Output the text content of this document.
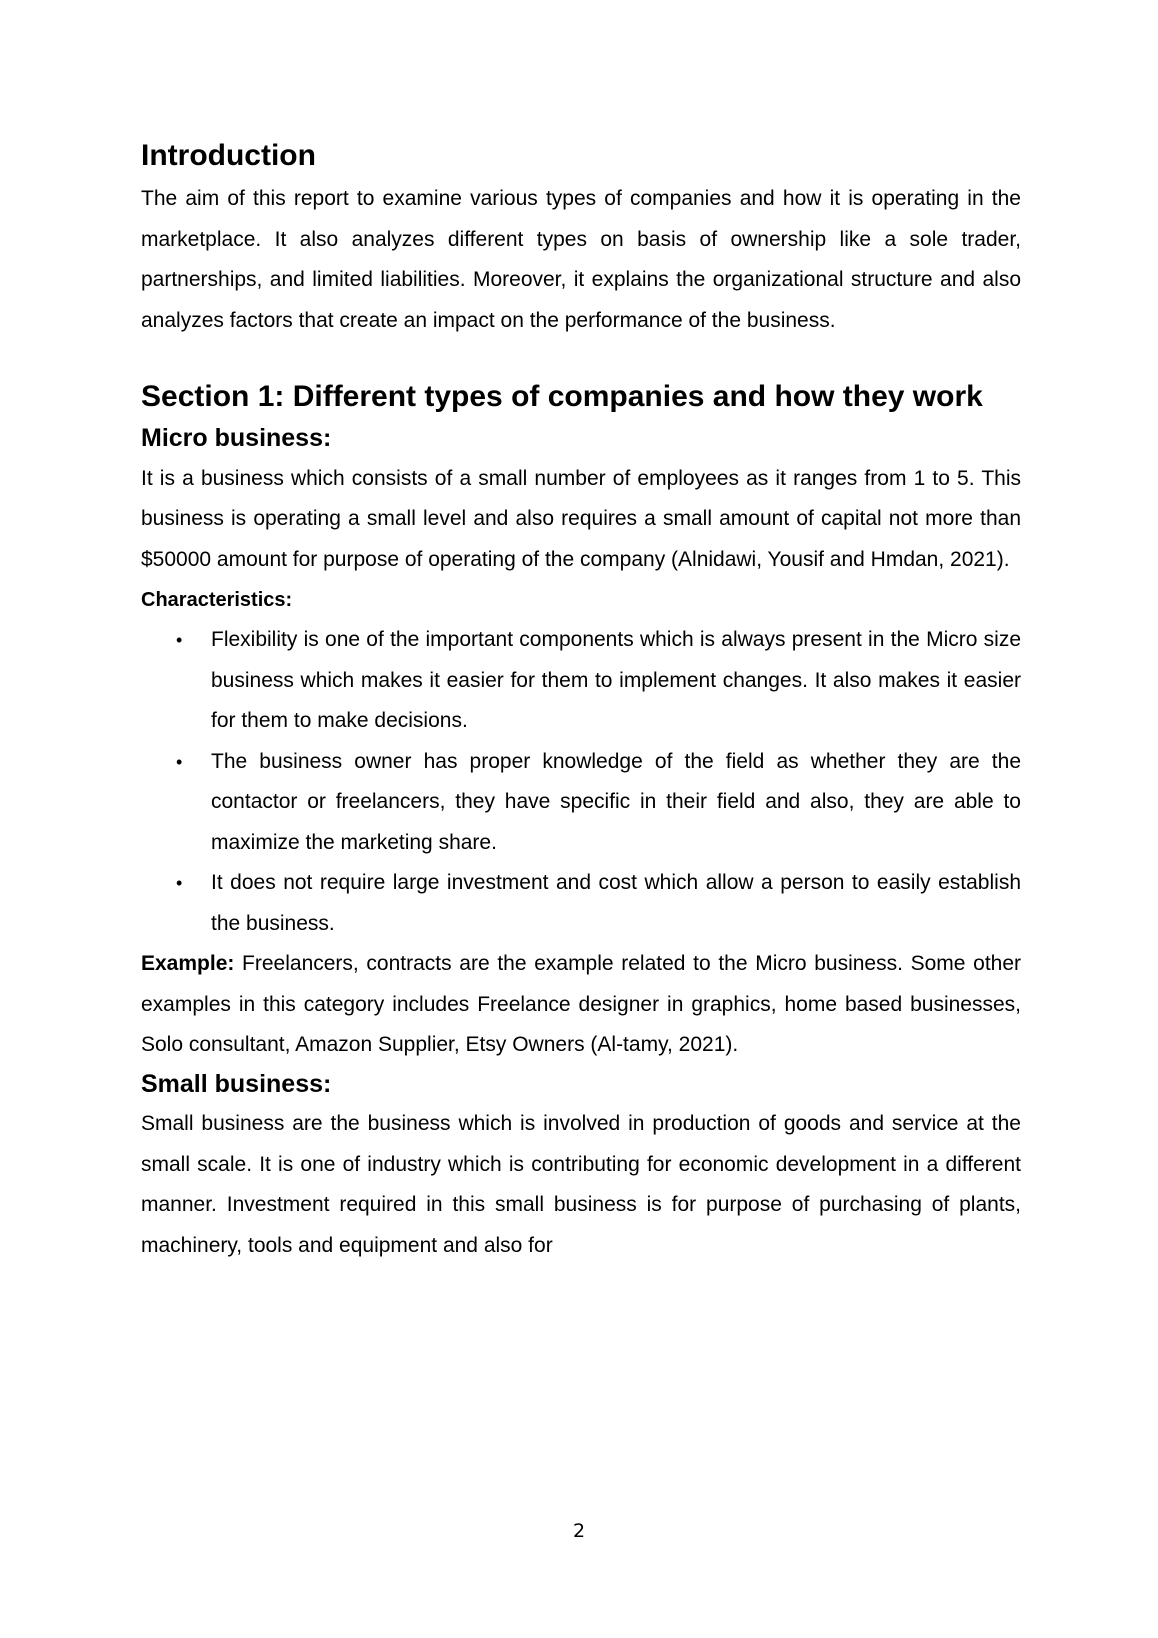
Introduction

The aim of this report to examine various types of companies and how it is operating in the marketplace. It also analyzes different types on basis of ownership like a sole trader, partnerships, and limited liabilities. Moreover, it explains the organizational structure and also analyzes factors that create an impact on the performance of the business.

Section 1: Different types of companies and how they work
Micro business:

It is a business which consists of a small number of employees as it ranges from 1 to 5. This business is operating a small level and also requires a small amount of capital not more than $50000 amount for purpose of operating of the company (Alnidawi, Yousif and Hmdan, 2021).

Characteristics:
• Flexibility is one of the important components which is always present in the Micro size business which makes it easier for them to implement changes. It also makes it easier for them to make decisions.
• The business owner has proper knowledge of the field as whether they are the contactor or freelancers, they have specific in their field and also, they are able to maximize the marketing share.
• It does not require large investment and cost which allow a person to easily establish the business.

Example: Freelancers, contracts are the example related to the Micro business. Some other examples in this category includes Freelance designer in graphics, home based businesses, Solo consultant, Amazon Supplier, Etsy Owners (Al-tamy, 2021).

Small business:

Small business are the business which is involved in production of goods and service at the small scale. It is one of industry which is contributing for economic development in a different manner. Investment required in this small business is for purpose of purchasing of plants, machinery, tools and equipment and also for

2
